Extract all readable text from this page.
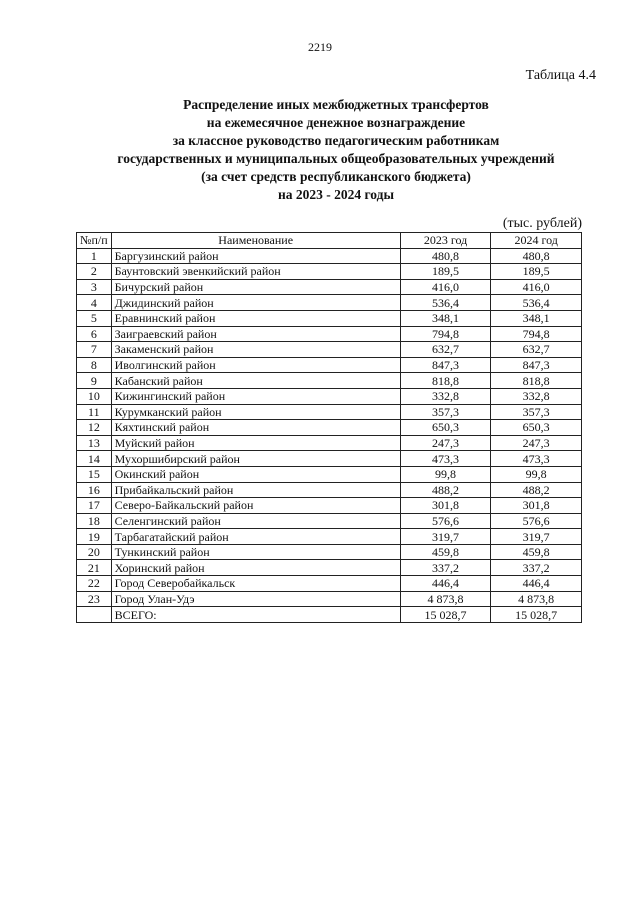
2219
Таблица 4.4
Распределение иных межбюджетных трансфертов
на ежемесячное денежное вознаграждение
за классное руководство педагогическим работникам
государственных и муниципальных общеобразовательных учреждений
(за счет средств республиканского бюджета)
на 2023 - 2024 годы
(тыс. рублей)
№п/п	Наименование	2023 год	2024 год
1	Баргузинский район	480,8	480,8
2	Баунтовский эвенкийский район	189,5	189,5
3	Бичурский район	416,0	416,0
4	Джидинский район	536,4	536,4
5	Еравнинский район	348,1	348,1
6	Заиграевский район	794,8	794,8
7	Закаменский район	632,7	632,7
8	Иволгинский район	847,3	847,3
9	Кабанский район	818,8	818,8
10	Кижингинский район	332,8	332,8
11	Курумканский район	357,3	357,3
12	Кяхтинский район	650,3	650,3
13	Муйский район	247,3	247,3
14	Мухоршибирский район	473,3	473,3
15	Окинский район	99,8	99,8
16	Прибайкальский район	488,2	488,2
17	Северо-Байкальский район	301,8	301,8
18	Селенгинский район	576,6	576,6
19	Тарбагатайский район	319,7	319,7
20	Тункинский район	459,8	459,8
21	Хоринский район	337,2	337,2
22	Город Северобайкальск	446,4	446,4
23	Город Улан-Удэ	4 873,8	4 873,8
	ВСЕГО:	15 028,7	15 028,7
